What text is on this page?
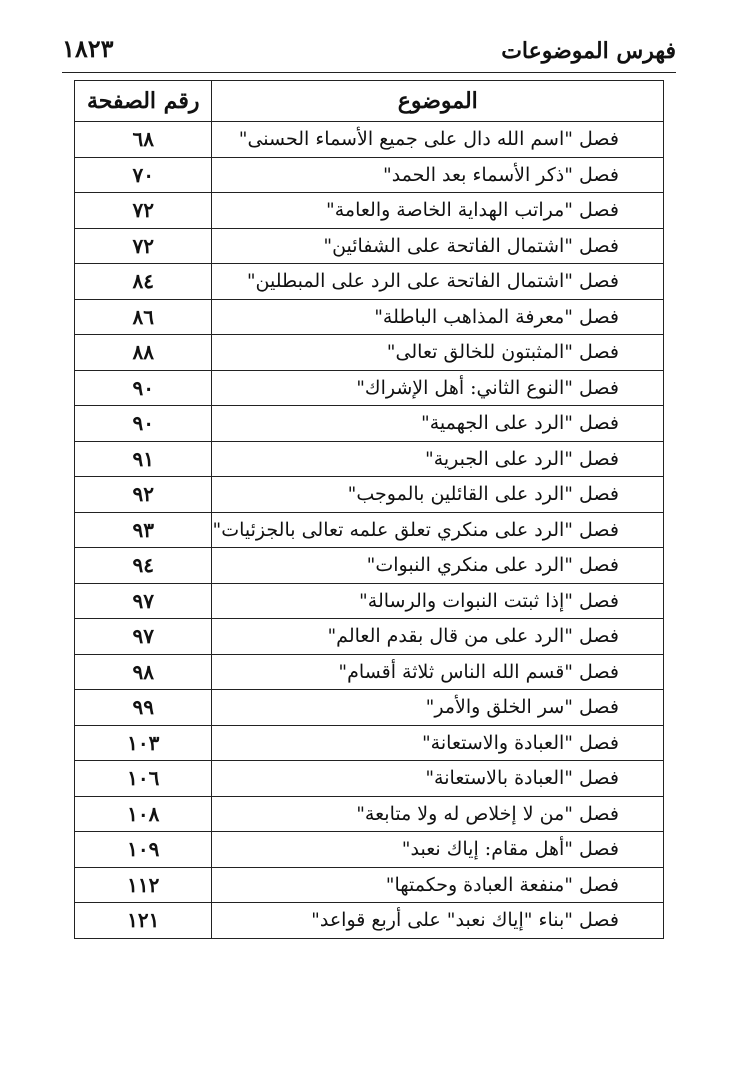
١٨٢٣	فهرس الموضوعات
الموضوع	رقم الصفحة
فصل "اسم الله دال على جميع الأسماء الحسنى"	٦٨
فصل "ذكر الأسماء بعد الحمد"	٧٠
فصل "مراتب الهداية الخاصة والعامة"	٧٢
فصل "اشتمال الفاتحة على الشفائين"	٧٢
فصل "اشتمال الفاتحة على الرد على المبطلين"	٨٤
فصل "معرفة المذاهب الباطلة"	٨٦
فصل "المثبتون للخالق تعالى"	٨٨
فصل "النوع الثاني: أهل الإشراك"	٩٠
فصل "الرد على الجهمية"	٩٠
فصل "الرد على الجبرية"	٩١
فصل "الرد على القائلين بالموجب"	٩٢
فصل "الرد على منكري تعلق علمه تعالى بالجزئيات"	٩٣
فصل "الرد على منكري النبوات"	٩٤
فصل "إذا ثبتت النبوات والرسالة"	٩٧
فصل "الرد على من قال بقدم العالم"	٩٧
فصل "قسم الله الناس ثلاثة أقسام"	٩٨
فصل "سر الخلق والأمر"	٩٩
فصل "العبادة والاستعانة"	١٠٣
فصل "العبادة بالاستعانة"	١٠٦
فصل "من لا إخلاص له ولا متابعة"	١٠٨
فصل "أهل مقام: إياك نعبد"	١٠٩
فصل "منفعة العبادة وحكمتها"	١١٢
فصل "بناء "إياك نعبد" على أربع قواعد"	١٢١
